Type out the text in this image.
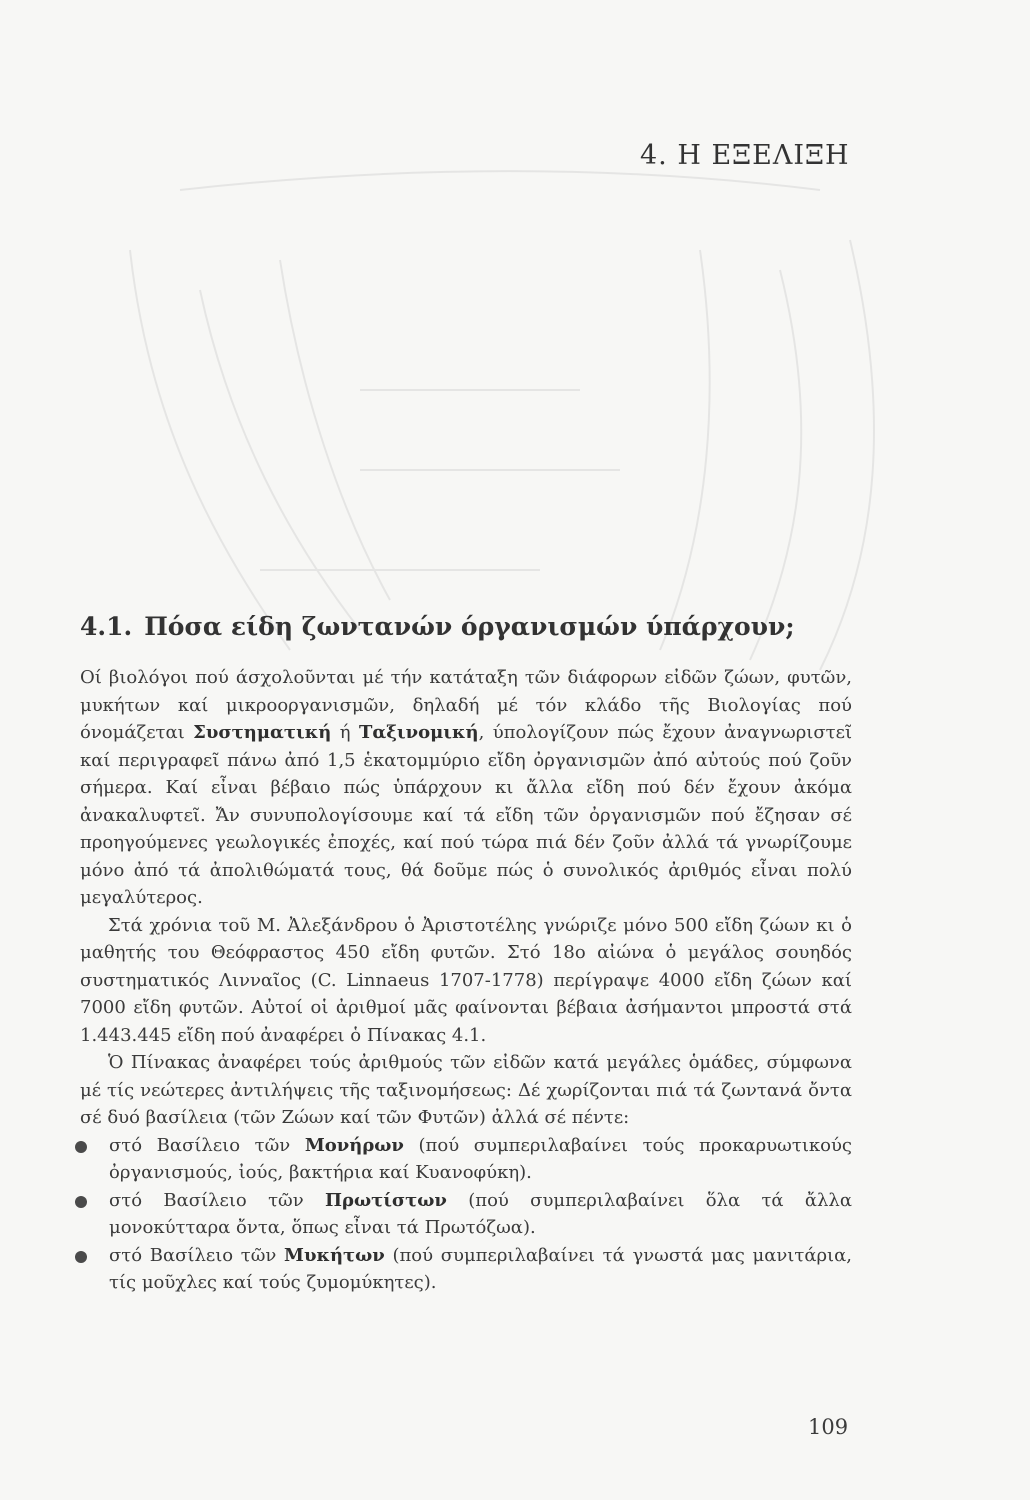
4. Η ΕΞΕΛΙΞΗ
4.1. Πόσα είδη ζωντανών όργανισμών ύπάρχουν;

Οί βιολόγοι πού άσχολοῦνται μέ τήν κατάταξη τῶν διάφορων εἰδῶν ζώων, φυτῶν, μυκήτων καί μικροοργανισμῶν, δηλαδή μέ τόν κλάδο τῆς Βιολογίας πού όνομάζεται Συστηματική ή Ταξινομική, ύπολογίζουν πώς ἔχουν ἀναγνωριστεῖ καί περιγραφεῖ πάνω ἀπό 1,5 ἑκατομμύριο εἴδη ὀργανισμῶν ἀπό αὐτούς πού ζοῦν σήμερα. Καί εἶναι βέβαιο πώς ὑπάρχουν κι ἄλλα εἴδη πού δέν ἔχουν ἀκόμα ἀνακαλυφτεῖ. Ἄν συνυπολογίσουμε καί τά εἴδη τῶν ὀργανισμῶν πού ἔζησαν σέ προηγούμενες γεωλογικές ἐποχές, καί πού τώρα πιά δέν ζοῦν ἀλλά τά γνωρίζουμε μόνο ἀπό τά ἀπολιθώματά τους, θά δοῦμε πώς ὁ συνολικός ἀριθμός εἶναι πολύ μεγαλύτερος.

Στά χρόνια τοῦ Μ. Ἀλεξάνδρου ὁ Ἀριστοτέλης γνώριζε μόνο 500 εἴδη ζώων κι ὁ μαθητής του Θεόφραστος 450 εἴδη φυτῶν. Στό 18ο αἰώνα ὁ μεγάλος σουηδός συστηματικός Λινναῖος (C. Linnaeus 1707-1778) περίγραψε 4000 εἴδη ζώων καί 7000 εἴδη φυτῶν. Αὐτοί οἱ ἀριθμοί μᾶς φαίνονται βέβαια ἀσήμαντοι μπροστά στά 1.443.445 εἴδη πού ἀναφέρει ὁ Πίνακας 4.1.

Ὁ Πίνακας ἀναφέρει τούς ἀριθμούς τῶν εἰδῶν κατά μεγάλες ὁμάδες, σύμφωνα μέ τίς νεώτερες ἀντιλήψεις τῆς ταξινομήσεως: Δέ χωρίζονται πιά τά ζωντανά ὄντα σέ δυό βασίλεια (τῶν Ζώων καί τῶν Φυτῶν) ἀλλά σέ πέντε:

στό Βασίλειο τῶν Μονήρων (πού συμπεριλαβαίνει τούς προκαρυωτικούς ὀργανισμούς, ἰούς, βακτήρια καί Κυανοφύκη).
στό Βασίλειο τῶν Πρωτίστων (πού συμπεριλαβαίνει ὅλα τά ἄλλα μονοκύτταρα ὄντα, ὅπως εἶναι τά Πρωτόζωα).
στό Βασίλειο τῶν Μυκήτων (πού συμπεριλαβαίνει τά γνωστά μας μανιτάρια, τίς μοῦχλες καί τούς ζυμομύκητες).
109
